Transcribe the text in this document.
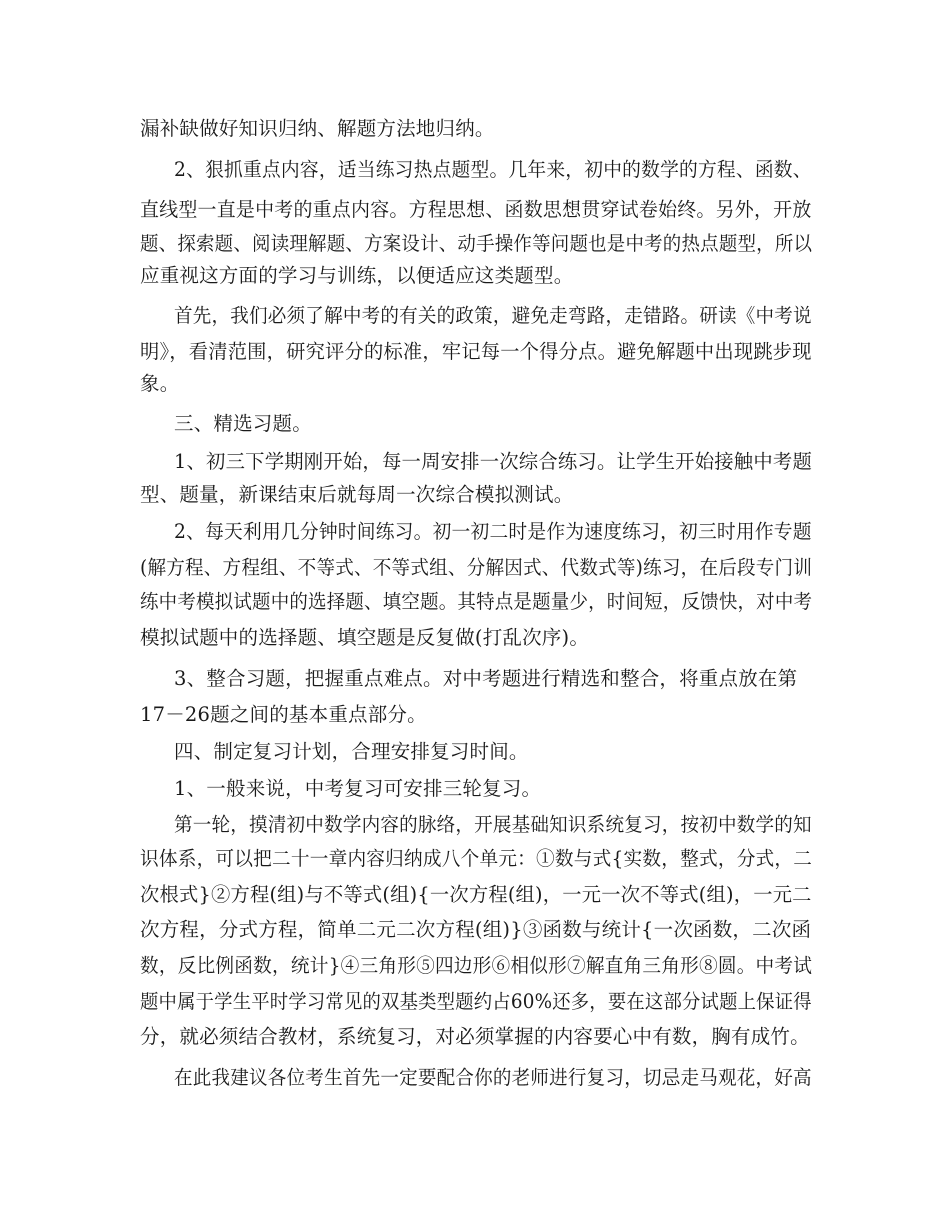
漏补缺做好知识归纳、解题方法地归纳。
2、狠抓重点内容，适当练习热点题型。几年来，初中的数学的方程、函数、
直线型一直是中考的重点内容。方程思想、函数思想贯穿试卷始终。另外，开放
题、探索题、阅读理解题、方案设计、动手操作等问题也是中考的热点题型，所以
应重视这方面的学习与训练，以便适应这类题型。
首先，我们必须了解中考的有关的政策，避免走弯路，走错路。研读《中考说
明》，看清范围，研究评分的标准，牢记每一个得分点。避免解题中出现跳步现
象。
三、精选习题。
1、初三下学期刚开始，每一周安排一次综合练习。让学生开始接触中考题
型、题量，新课结束后就每周一次综合模拟测试。
2、每天利用几分钟时间练习。初一初二时是作为速度练习，初三时用作专题
(解方程、方程组、不等式、不等式组、分解因式、代数式等)练习，在后段专门训
练中考模拟试题中的选择题、填空题。其特点是题量少，时间短，反馈快，对中考
模拟试题中的选择题、填空题是反复做(打乱次序)。
3、整合习题，把握重点难点。对中考题进行精选和整合，将重点放在第
17－26题之间的基本重点部分。
四、制定复习计划，合理安排复习时间。
1、一般来说，中考复习可安排三轮复习。
第一轮，摸清初中数学内容的脉络，开展基础知识系统复习，按初中数学的知
识体系，可以把二十一章内容归纳成八个单元：①数与式{实数，整式，分式，二
次根式}②方程(组)与不等式(组){一次方程(组)，一元一次不等式(组)，一元二
次方程，分式方程，简单二元二次方程(组)}③函数与统计{一次函数，二次函
数，反比例函数，统计}④三角形⑤四边形⑥相似形⑦解直角三角形⑧圆。中考试
题中属于学生平时学习常见的双基类型题约占60%还多，要在这部分试题上保证得
分，就必须结合教材，系统复习，对必须掌握的内容要心中有数，胸有成竹。
在此我建议各位考生首先一定要配合你的老师进行复习，切忌走马观花，好高
